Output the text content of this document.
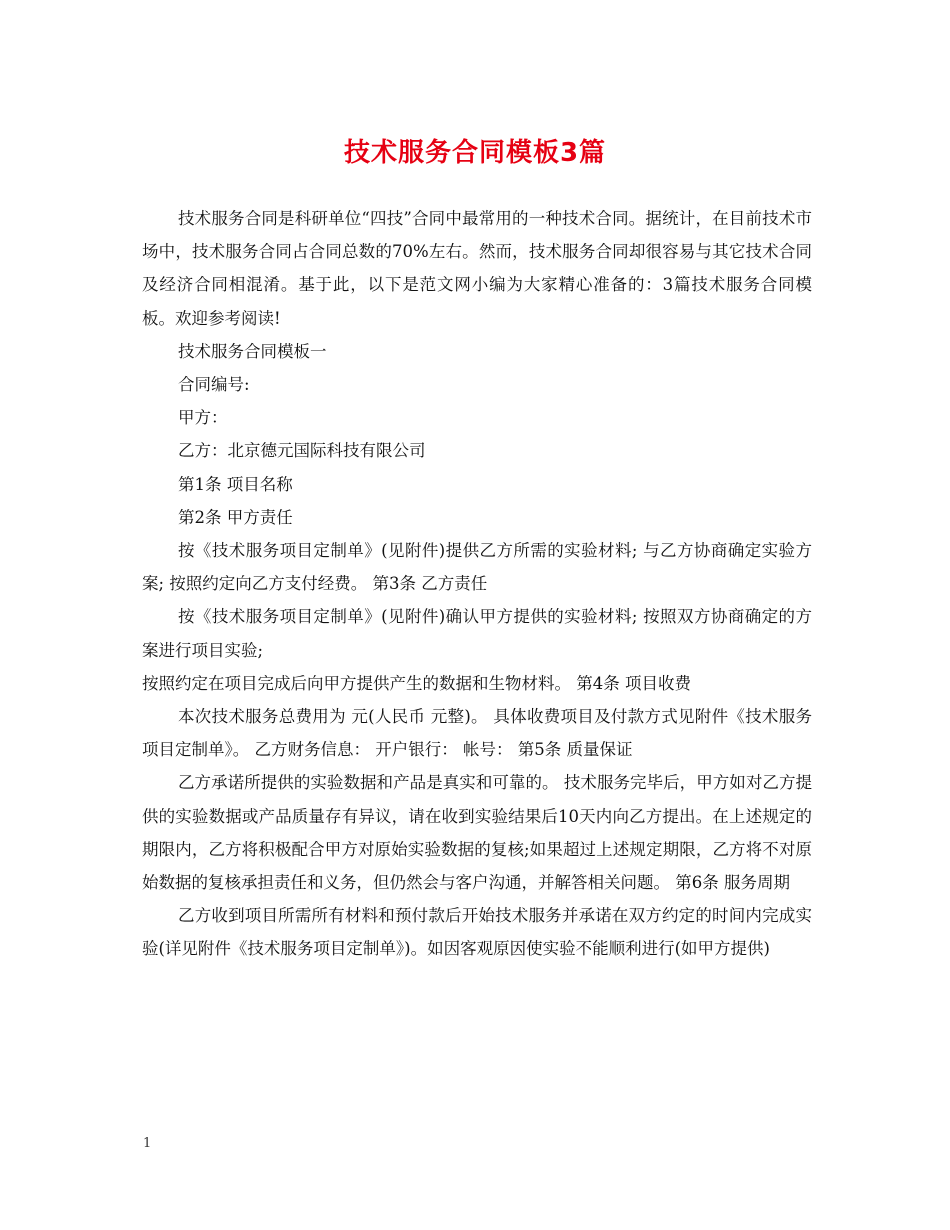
技术服务合同模板3篇

技术服务合同是科研单位“四技”合同中最常用的一种技术合同。据统计，在目前技术市场中，技术服务合同占合同总数的70%左右。然而，技术服务合同却很容易与其它技术合同及经济合同相混淆。基于此，以下是范文网小编为大家精心准备的：3篇技术服务合同模板。欢迎参考阅读!

技术服务合同模板一

合同编号:

甲方：

乙方：北京德元国际科技有限公司

第1条 项目名称

第2条 甲方责任

按《技术服务项目定制单》(见附件)提供乙方所需的实验材料; 与乙方协商确定实验方案; 按照约定向乙方支付经费。 第3条 乙方责任

按《技术服务项目定制单》(见附件)确认甲方提供的实验材料; 按照双方协商确定的方案进行项目实验;

按照约定在项目完成后向甲方提供产生的数据和生物材料。 第4条 项目收费

本次技术服务总费用为 元(人民币 元整)。 具体收费项目及付款方式见附件《技术服务项目定制单》。 乙方财务信息： 开户银行： 帐号： 第5条 质量保证

乙方承诺所提供的实验数据和产品是真实和可靠的。 技术服务完毕后，甲方如对乙方提供的实验数据或产品质量存有异议，请在收到实验结果后10天内向乙方提出。在上述规定的期限内，乙方将积极配合甲方对原始实验数据的复核;如果超过上述规定期限，乙方将不对原始数据的复核承担责任和义务，但仍然会与客户沟通，并解答相关问题。 第6条 服务周期

乙方收到项目所需所有材料和预付款后开始技术服务并承诺在双方约定的时间内完成实验(详见附件《技术服务项目定制单》)。如因客观原因使实验不能顺利进行(如甲方提供)

1
